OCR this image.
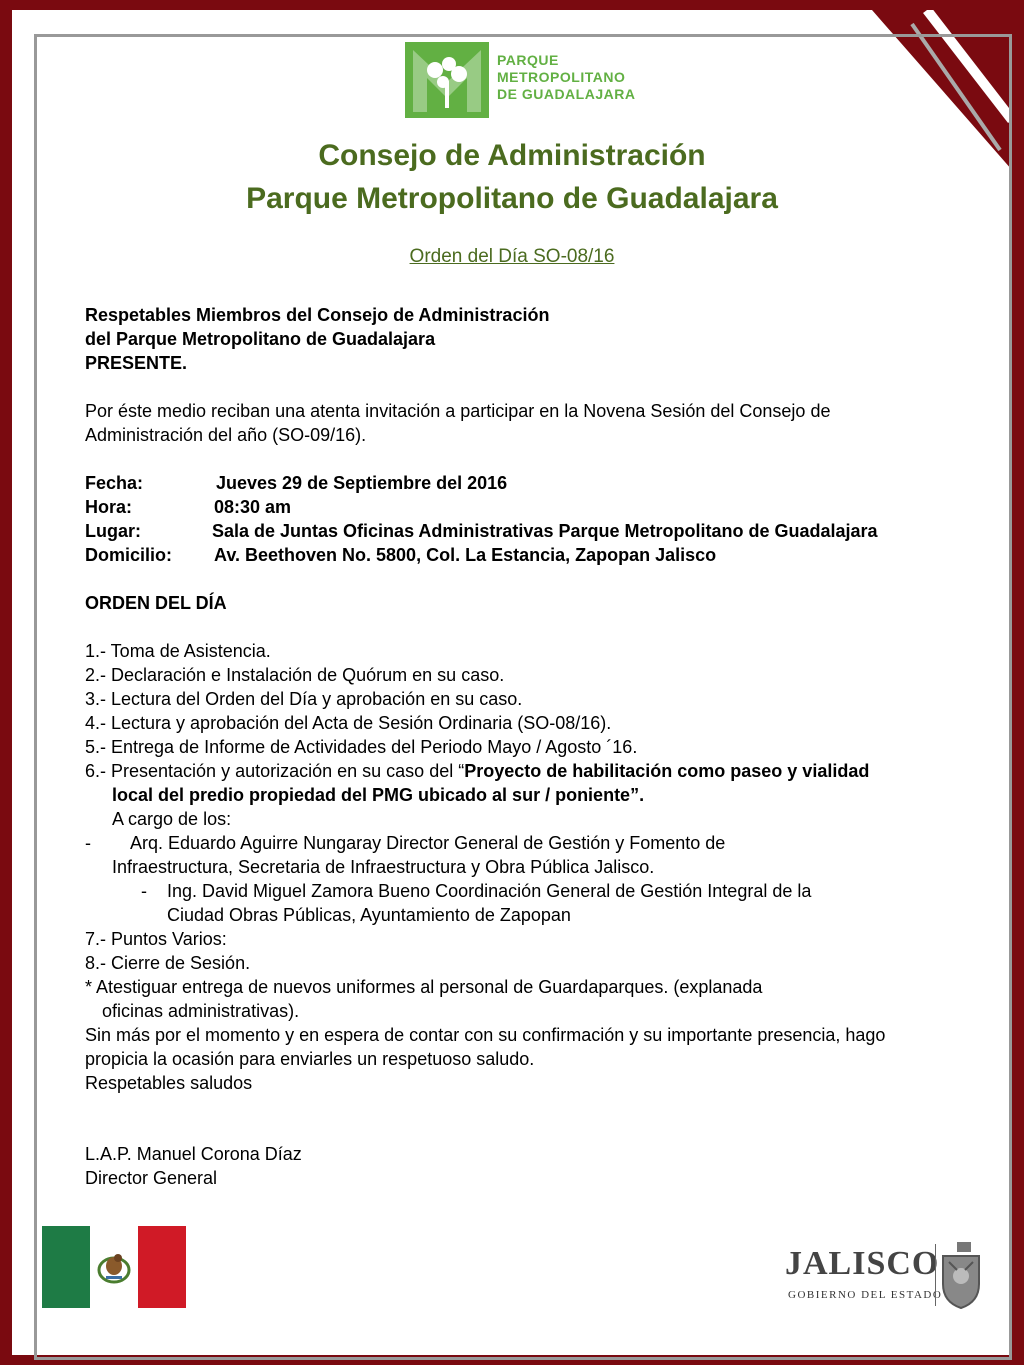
PARQUE
METROPOLITANO
DE GUADALAJARA
Consejo de Administración
Parque Metropolitano de Guadalajara
Orden del Día SO-08/16
Respetables Miembros del Consejo de Administración
del Parque Metropolitano de Guadalajara
PRESENTE.
Por éste medio reciban una atenta invitación a participar en la Novena Sesión del Consejo de
Administración del año (SO-09/16).
Fecha:	Jueves 29 de Septiembre del 2016
Hora:	08:30 am
Lugar:	Sala de Juntas Oficinas Administrativas Parque Metropolitano de Guadalajara
Domicilio: Av. Beethoven No. 5800, Col. La Estancia, Zapopan Jalisco
ORDEN DEL DÍA
1.- Toma de Asistencia.
2.- Declaración e Instalación de Quórum en su caso.
3.- Lectura del Orden del Día y aprobación en su caso.
4.- Lectura y aprobación del Acta de Sesión Ordinaria (SO-08/16).
5.- Entrega de Informe de Actividades del Periodo Mayo / Agosto ´16.
6.- Presentación y autorización en su caso del “Proyecto de habilitación como paseo y vialidad
local del predio propiedad del PMG ubicado al sur / poniente”.
A cargo de los:
- Arq. Eduardo Aguirre Nungaray Director General de Gestión y Fomento de
Infraestructura, Secretaria de Infraestructura y Obra Pública Jalisco.
-    Ing. David Miguel Zamora Bueno Coordinación General de Gestión Integral de la
Ciudad Obras Públicas, Ayuntamiento de Zapopan
7.- Puntos Varios:
8.- Cierre de Sesión.
* Atestiguar entrega de nuevos uniformes al personal de Guardaparques. (explanada
oficinas administrativas).
Sin más por el momento y en espera de contar con su confirmación y su importante presencia, hago
propicia la ocasión para enviarles un respetuoso saludo.
Respetables saludos
L.A.P. Manuel Corona Díaz
Director General
JALISCO
GOBIERNO DEL ESTADO
